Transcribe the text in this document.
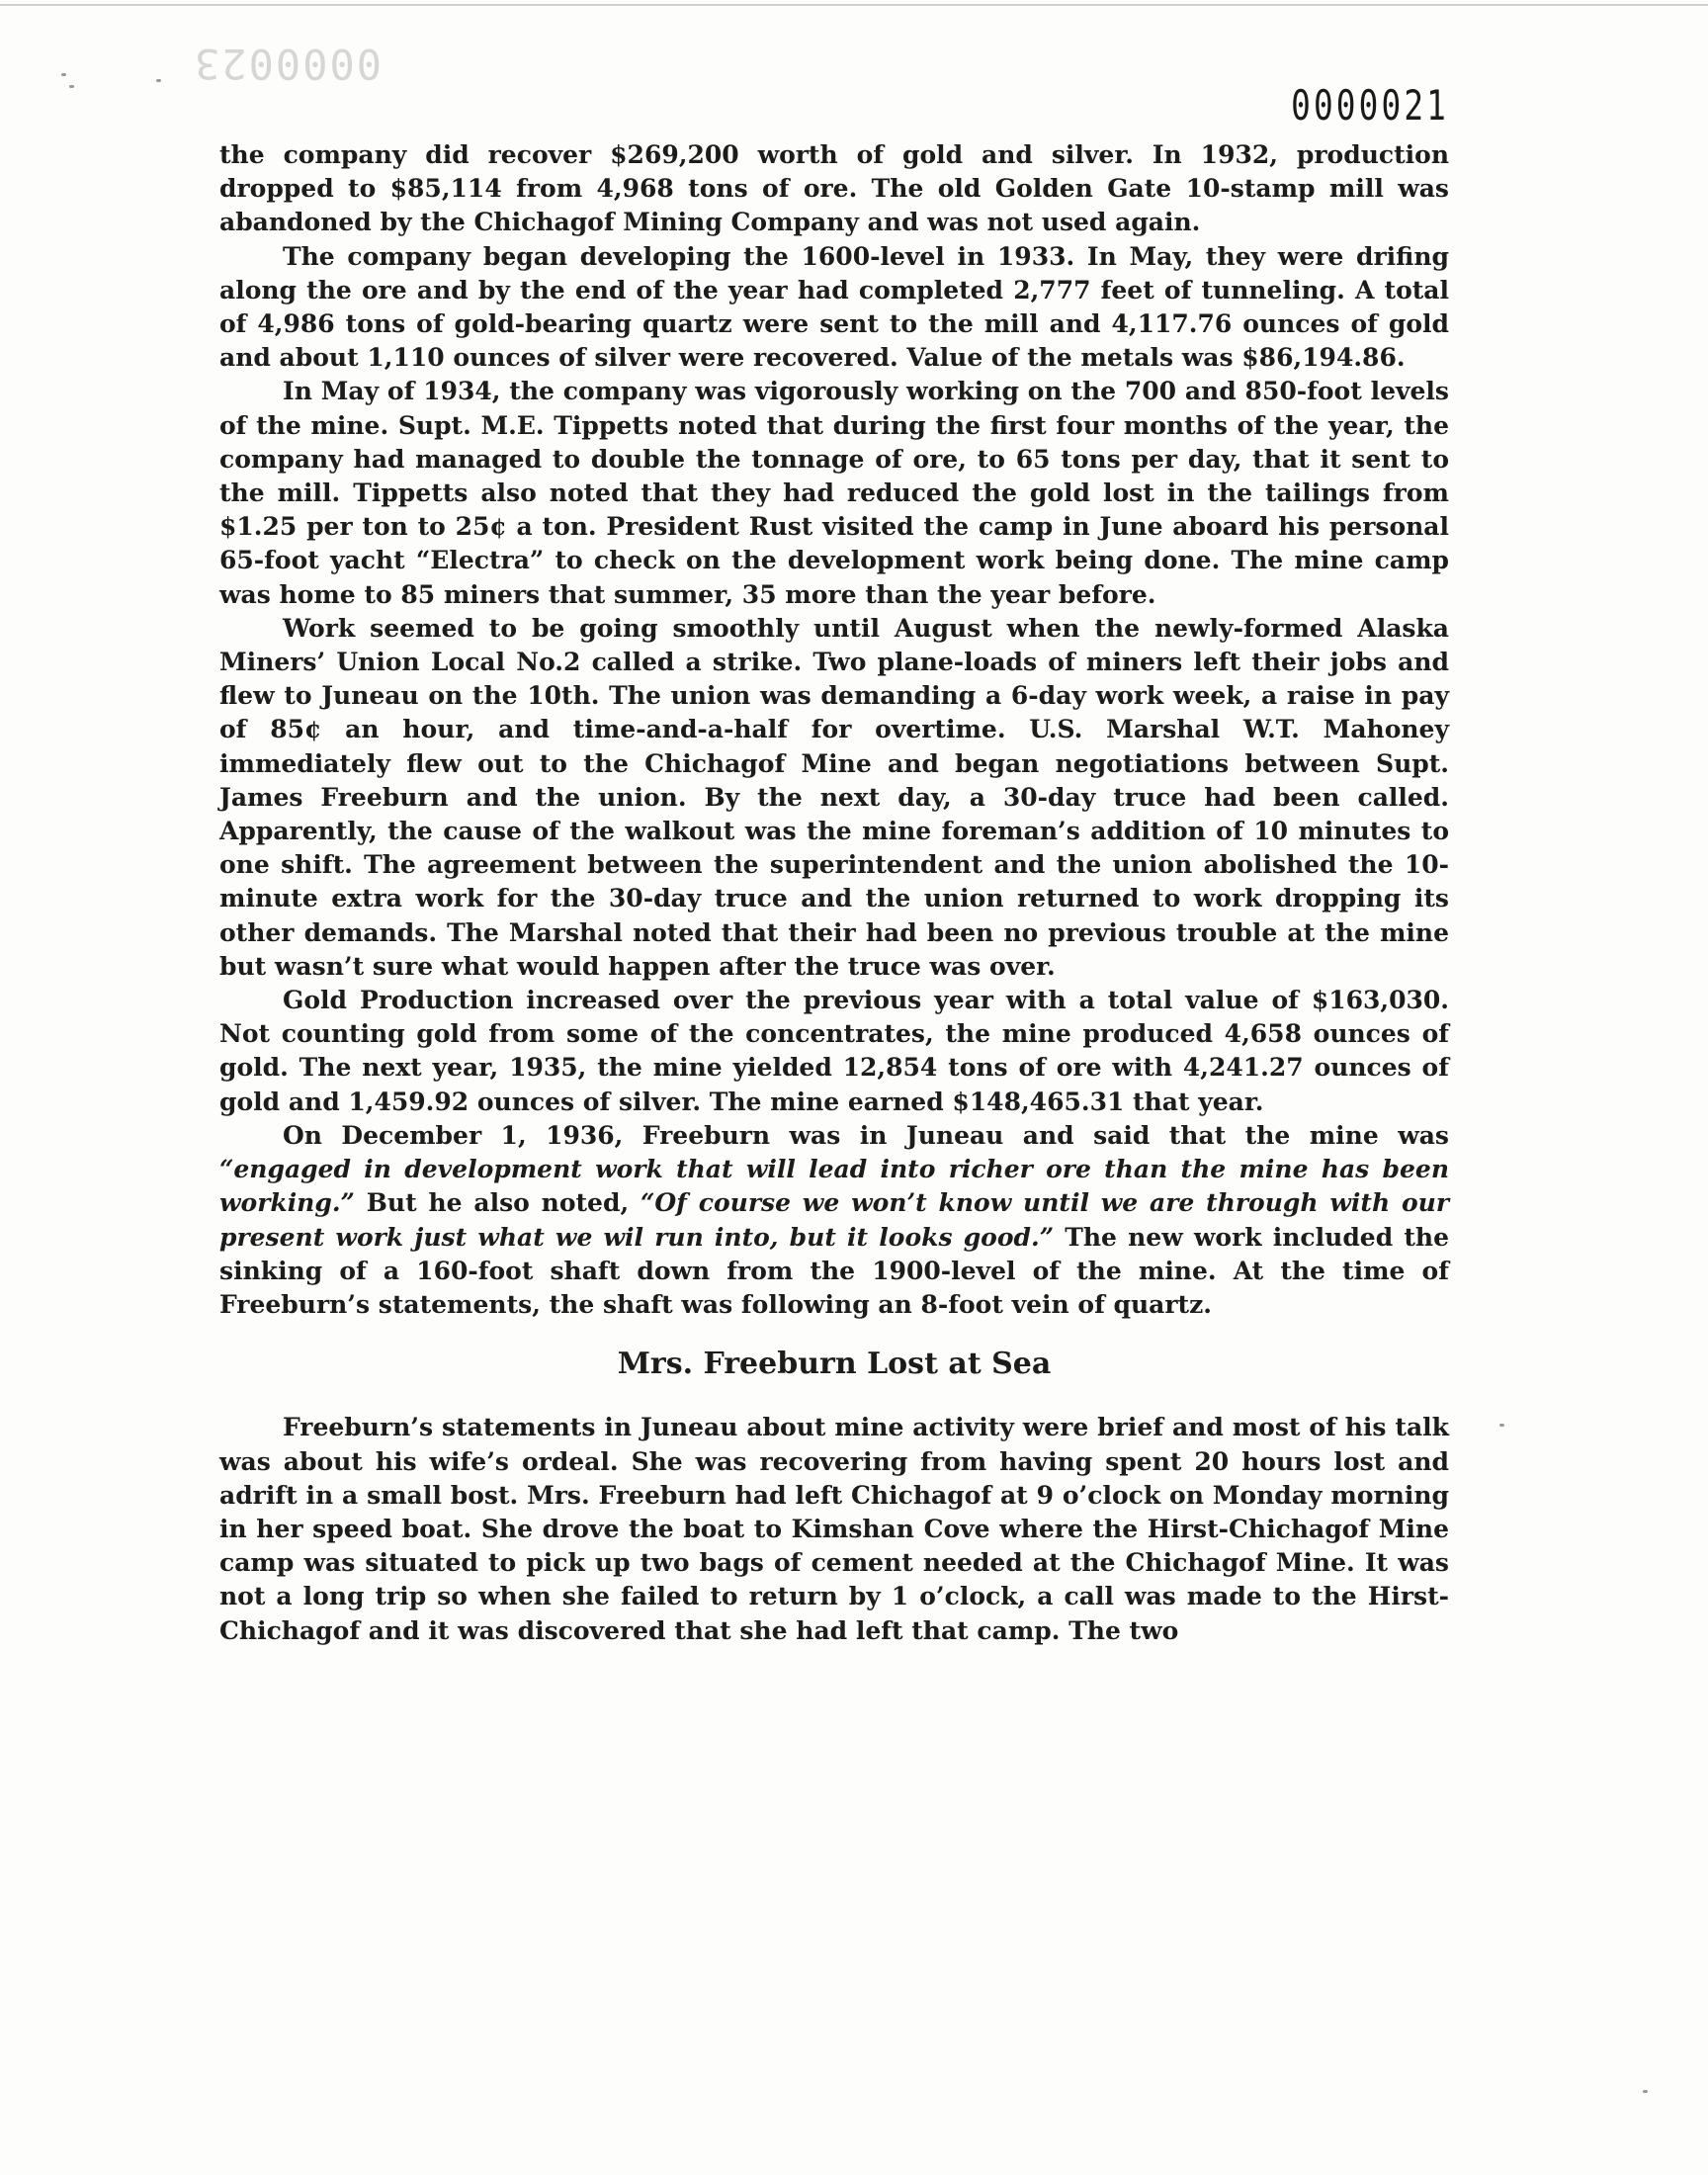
0000023
0000021

the company did recover $269,200 worth of gold and silver. In 1932, production dropped to $85,114 from 4,968 tons of ore. The old Golden Gate 10-stamp mill was abandoned by the Chichagof Mining Company and was not used again.

The company began developing the 1600-level in 1933. In May, they were drifing along the ore and by the end of the year had completed 2,777 feet of tunneling. A total of 4,986 tons of gold-bearing quartz were sent to the mill and 4,117.76 ounces of gold and about 1,110 ounces of silver were recovered. Value of the metals was $86,194.86.

In May of 1934, the company was vigorously working on the 700 and 850-foot levels of the mine. Supt. M.E. Tippetts noted that during the first four months of the year, the company had managed to double the tonnage of ore, to 65 tons per day, that it sent to the mill. Tippetts also noted that they had reduced the gold lost in the tailings from $1.25 per ton to 25¢ a ton. President Rust visited the camp in June aboard his personal 65-foot yacht “Electra” to check on the development work being done. The mine camp was home to 85 miners that summer, 35 more than the year before.

Work seemed to be going smoothly until August when the newly-formed Alaska Miners’ Union Local No.2 called a strike. Two plane-loads of miners left their jobs and flew to Juneau on the 10th. The union was demanding a 6-day work week, a raise in pay of 85¢ an hour, and time-and-a-half for overtime. U.S. Marshal W.T. Mahoney immediately flew out to the Chichagof Mine and began negotiations between Supt. James Freeburn and the union. By the next day, a 30-day truce had been called. Apparently, the cause of the walkout was the mine foreman’s addition of 10 minutes to one shift. The agreement between the superintendent and the union abolished the 10-minute extra work for the 30-day truce and the union returned to work dropping its other demands. The Marshal noted that their had been no previous trouble at the mine but wasn’t sure what would happen after the truce was over.

Gold Production increased over the previous year with a total value of $163,030. Not counting gold from some of the concentrates, the mine produced 4,658 ounces of gold. The next year, 1935, the mine yielded 12,854 tons of ore with 4,241.27 ounces of gold and 1,459.92 ounces of silver. The mine earned $148,465.31 that year.

On December 1, 1936, Freeburn was in Juneau and said that the mine was “engaged in development work that will lead into richer ore than the mine has been working.” But he also noted, “Of course we won’t know until we are through with our present work just what we wil run into, but it looks good.” The new work included the sinking of a 160-foot shaft down from the 1900-level of the mine. At the time of Freeburn’s statements, the shaft was following an 8-foot vein of quartz.

Mrs. Freeburn Lost at Sea

Freeburn’s statements in Juneau about mine activity were brief and most of his talk was about his wife’s ordeal. She was recovering from having spent 20 hours lost and adrift in a small bost. Mrs. Freeburn had left Chichagof at 9 o’clock on Monday morning in her speed boat. She drove the boat to Kimshan Cove where the Hirst-Chichagof Mine camp was situated to pick up two bags of cement needed at the Chichagof Mine. It was not a long trip so when she failed to return by 1 o’clock, a call was made to the Hirst-Chichagof and it was discovered that she had left that camp. The two
